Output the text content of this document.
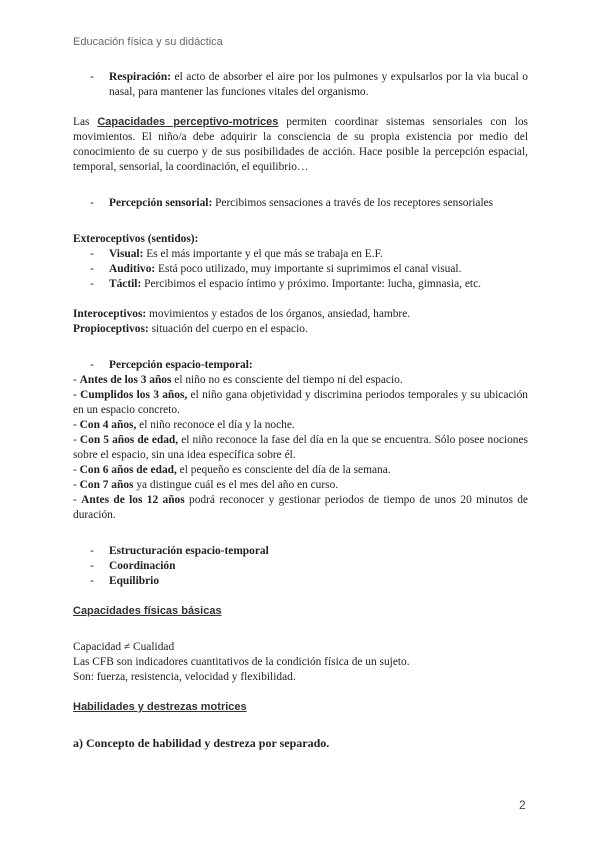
Educación física y su didáctica

- Respiración: el acto de absorber el aire por los pulmones y expulsarlos por la via bucal o nasal, para mantener las funciones vitales del organismo.

Las Capacidades perceptivo-motrices permiten coordinar sistemas sensoriales con los movimientos. El niño/a debe adquirir la consciencia de su propia existencia por medio del conocimiento de su cuerpo y de sus posibilidades de acción. Hace posible la percepción espacial, temporal, sensorial, la coordinación, el equilibrio…

- Percepción sensorial: Percibimos sensaciones a través de los receptores sensoriales

Exteroceptivos (sentidos):

- Visual: Es el más importante y el que más se trabaja en E.F.

- Auditivo: Está poco utilizado, muy importante si suprimimos el canal visual.

- Táctil: Percibimos el espacio íntimo y próximo. Importante: lucha, gimnasia, etc.

Interoceptivos: movimientos y estados de los órganos, ansiedad, hambre.

Propioceptivos: situación del cuerpo en el espacio.

- Percepción espacio-temporal:

- Antes de los 3 años el niño no es consciente del tiempo ni del espacio.

- Cumplidos los 3 años, el niño gana objetividad y discrimina periodos temporales y su ubicación en un espacio concreto.

- Con 4 años, el niño reconoce el día y la noche.

- Con 5 años de edad, el niño reconoce la fase del día en la que se encuentra. Sólo posee nociones sobre el espacio, sin una idea específica sobre él.

- Con 6 años de edad, el pequeño es consciente del día de la semana.

- Con 7 años ya distingue cuál es el mes del año en curso.

- Antes de los 12 años podrá reconocer y gestionar periodos de tiempo de unos 20 minutos de duración.

- Estructuración espacio-temporal

- Coordinación

- Equilibrio

Capacidades físicas básicas

Capacidad ≠ Cualidad

Las CFB son indicadores cuantitativos de la condición física de un sujeto.

Son: fuerza, resistencia, velocidad y flexibilidad.

Habilidades y destrezas motrices

a) Concepto de habilidad y destreza por separado.

2
